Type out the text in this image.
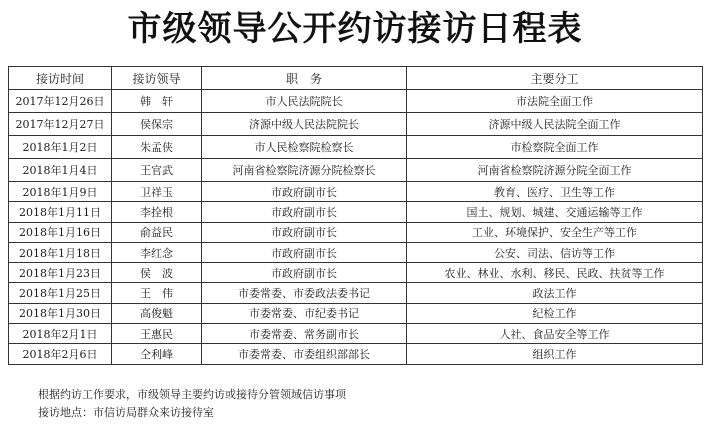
市级领导公开约访接访日程表
接访时间	接访领导	职　务	主要分工
2017年12月26日	韩　轩	市人民法院院长	市法院全面工作
2017年12月27日	侯保宗	济源中级人民法院院长	济源中级人民法院全面工作
2018年1月2日	朱孟侠	市人民检察院检察长	市检察院全面工作
2018年1月4日	王官武	河南省检察院济源分院检察长	河南省检察院济源分院全面工作
2018年1月9日	卫祥玉	市政府副市长	教育、医疗、卫生等工作
2018年1月11日	李拴根	市政府副市长	国土、规划、城建、交通运输等工作
2018年1月16日	俞益民	市政府副市长	工业、环境保护、安全生产等工作
2018年1月18日	李红念	市政府副市长	公安、司法、信访等工作
2018年1月23日	侯　波	市政府副市长	农业、林业、水利、移民、民政、扶贫等工作
2018年1月25日	王　伟	市委常委、市委政法委书记	政法工作
2018年1月30日	高俊魁	市委常委、市纪委书记	纪检工作
2018年2月1日	王惠民	市委常委、常务副市长	人社、食品安全等工作
2018年2月6日	仝利峰	市委常委、市委组织部部长	组织工作
根据约访工作要求，市级领导主要约访或接待分管领域信访事项
接访地点：市信访局群众来访接待室
